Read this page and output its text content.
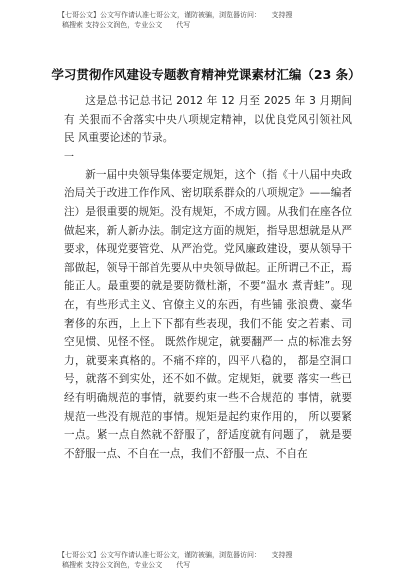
【七哥公文】公文写作请认准七哥公文，谨防被骗，浏览器访问：　　支持搜
稿搜索 支持公文润色，专业公文　　代写
学习贯彻作风建设专题教育精神党课素材汇编（23 条）

这是总书记总书记 2012 年 12 月至 2025 年 3 月期间有 关狠而不舍落实中央八项规定精神，以优良党风引领社风民 风重要论述的节录。

一

新一届中央领导集体要定规矩，这个（指《十八届中央政治局关于改进工作作风、密切联系群众的八项规定》——编者注）是很重要的规矩。没有规矩，不成方圆。从我们在座各位做起来，新人新办法。制定这方面的规矩，指导思想就是从严要求，体现党要管党、从严治党。党风廉政建设，要从领导干部做起，领导干部首先要从中央领导做起。正所谓己不正，焉能正人。最重要的就是要防微杜渐，不要“温水 煮青蛙”。现在，有些形式主义、官僚主义的东西，有些铺 张浪费、豪华奢侈的东西，上上下下都有些表现，我们不能 安之若素、司空见惯、见怪不怪。 既然作规定，就要翻严一 点的标准去努力，就要来真格的。不痛不痒的，四平八稳的， 都是空洞口号，就落不到实处，还不如不做。定规矩，就要 落实一些已经有明确规范的事情，就要约束一些不合规范的 事情，就要规范一些没有规范的事情。规矩是起约束作用的， 所以要紧一点。紧一点自然就不舒服了，舒适度就有问题了， 就是要不舒服一点、不自在一点，我们不舒服一点、不自在

【七哥公文】公文写作请认准七哥公文，谨防被骗，浏览器访问：　　支持搜
稿搜索 支持公文润色，专业公文　　代写
